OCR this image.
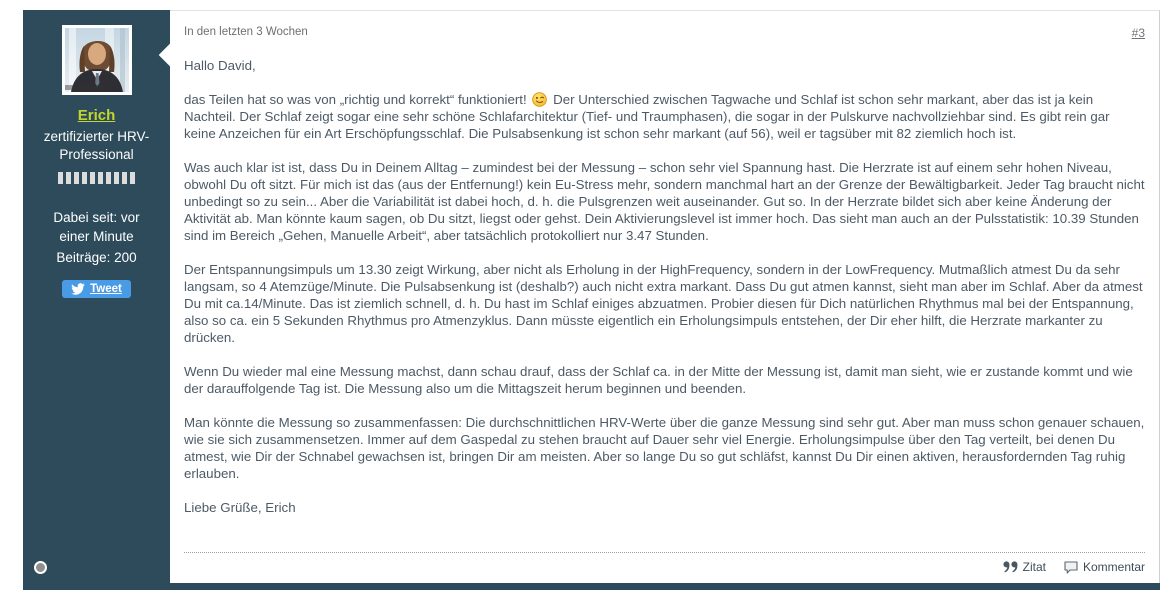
Erich
zertifizierter HRV-Professional
Dabei seit: vor einer Minute
Beiträge: 200
Tweet
In den letzten 3 Wochen	#3

Hallo David,

das Teilen hat so was von „richtig und korrekt“ funktioniert! Der Unterschied zwischen Tagwache und Schlaf ist schon sehr markant, aber das ist ja kein Nachteil. Der Schlaf zeigt sogar eine sehr schöne Schlafarchitektur (Tief- und Traumphasen), die sogar in der Pulskurve nachvollziehbar sind. Es gibt rein gar keine Anzeichen für ein Art Erschöpfungsschlaf. Die Pulsabsenkung ist schon sehr markant (auf 56), weil er tagsüber mit 82 ziemlich hoch ist.

Was auch klar ist ist, dass Du in Deinem Alltag – zumindest bei der Messung – schon sehr viel Spannung hast. Die Herzrate ist auf einem sehr hohen Niveau, obwohl Du oft sitzt. Für mich ist das (aus der Entfernung!) kein Eu-Stress mehr, sondern manchmal hart an der Grenze der Bewältigbarkeit. Jeder Tag braucht nicht unbedingt so zu sein... Aber die Variabilität ist dabei hoch, d. h. die Pulsgrenzen weit auseinander. Gut so. In der Herzrate bildet sich aber keine Änderung der Aktivität ab. Man könnte kaum sagen, ob Du sitzt, liegst oder gehst. Dein Aktivierungslevel ist immer hoch. Das sieht man auch an der Pulsstatistik: 10.39 Stunden sind im Bereich „Gehen, Manuelle Arbeit“, aber tatsächlich protokolliert nur 3.47 Stunden.

Der Entspannungsimpuls um 13.30 zeigt Wirkung, aber nicht als Erholung in der HighFrequency, sondern in der LowFrequency. Mutmaßlich atmest Du da sehr langsam, so 4 Atemzüge/Minute. Die Pulsabsenkung ist (deshalb?) auch nicht extra markant. Dass Du gut atmen kannst, sieht man aber im Schlaf. Aber da atmest Du mit ca.14/Minute. Das ist ziemlich schnell, d. h. Du hast im Schlaf einiges abzuatmen. Probier diesen für Dich natürlichen Rhythmus mal bei der Entspannung, also so ca. ein 5 Sekunden Rhythmus pro Atmenzyklus. Dann müsste eigentlich ein Erholungsimpuls entstehen, der Dir eher hilft, die Herzrate markanter zu drücken.

Wenn Du wieder mal eine Messung machst, dann schau drauf, dass der Schlaf ca. in der Mitte der Messung ist, damit man sieht, wie er zustande kommt und wie der darauffolgende Tag ist. Die Messung also um die Mittagszeit herum beginnen und beenden.

Man könnte die Messung so zusammenfassen: Die durchschnittlichen HRV-Werte über die ganze Messung sind sehr gut. Aber man muss schon genauer schauen, wie sie sich zusammensetzen. Immer auf dem Gaspedal zu stehen braucht auf Dauer sehr viel Energie. Erholungsimpulse über den Tag verteilt, bei denen Du atmest, wie Dir der Schnabel gewachsen ist, bringen Dir am meisten. Aber so lange Du so gut schläfst, kannst Du Dir einen aktiven, herausfordernden Tag ruhig erlauben.

Liebe Grüße, Erich

Zitat	Kommentar
